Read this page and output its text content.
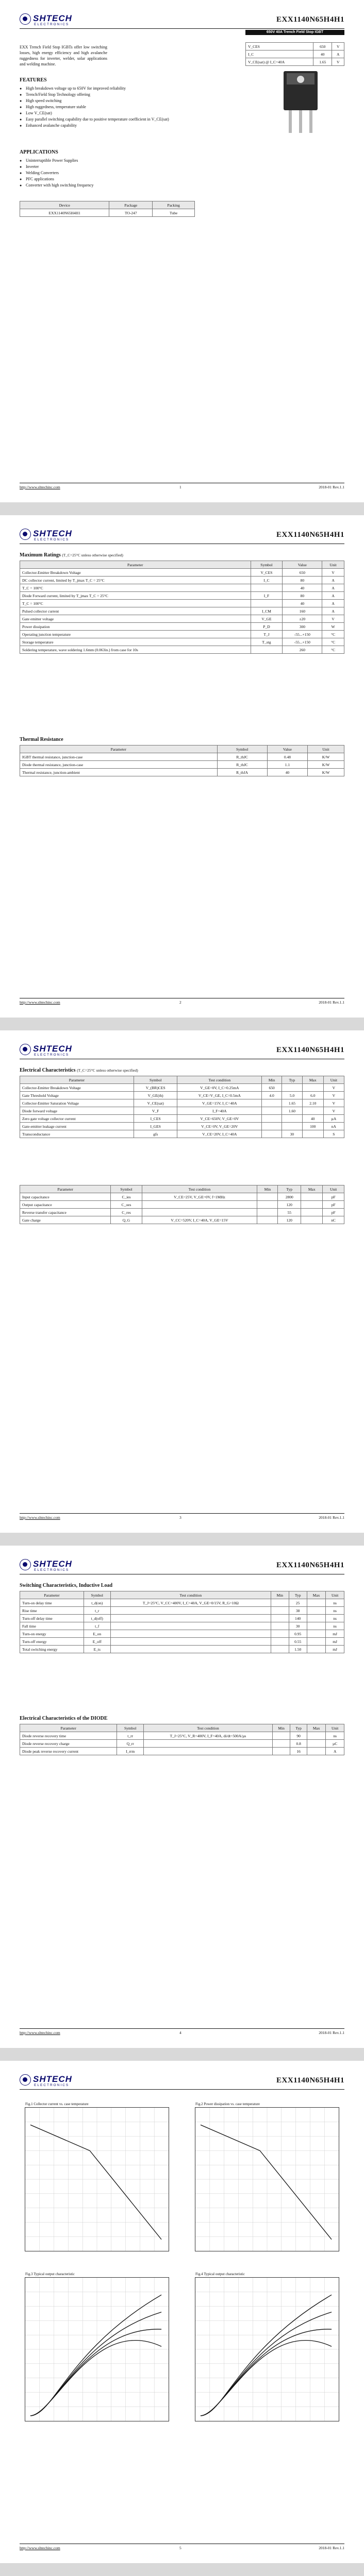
SHTECH
ELECTRONICS
EXX1140N65H4H1
650V 40A Trench Field Stop IGBT
V_CES	650	V
I_C	40	A
V_CE(sat) @ I_C=40A	1.65	V
EXX Trench Field Stop IGBTs offer low switching losses, high energy efficiency and high avalanche ruggedness for inverter, welder, solar applications and welding machine.
FEATURES
● High breakdown voltage up to 650V for improved reliability
● Trench/Field Stop Technology offering
● High speed switching
● High ruggedness, temperature stable
● Low V_CE(sat)
● Easy parallel switching capability due to positive temperature coefficient in V_CE(sat)
● Enhanced avalanche capability
APPLICATIONS
● Uninterruptible Power Supplies
● Inverter
● Welding Converters
● PFC applications
● Converter with high switching frequency
Device	Package	Packing
EXX1140N65H4H1	TO-247	Tube
http://www.shtechinc.com	1	2018-01 Rev.1.1
SHTECH
ELECTRONICS
EXX1140N65H4H1
Maximum Ratings (T_C=25°C unless otherwise specified)
Parameter	Symbol	Value	Unit
Collector-Emitter Breakdown Voltage	V_CES	650	V
DC collector current, limited by T_jmax T_C = 25°C	I_C	80	A
T_C = 100°C		40	A
Diode Forward current, limited by T_jmax T_C = 25°C	I_F	80	A
T_C = 100°C		40	A
Pulsed collector current	I_CM	160	A
Gate emitter voltage	V_GE	±20	V
Power dissipation	P_D	300	W
Operating junction temperature	T_J	-55...+150	°C
Storage temperature	T_stg	-55...+150	°C
Soldering temperature, wave soldering 1.6mm (0.063in.) from case for 10s		260	°C
Thermal Resistance
Parameter	Symbol	Value	Unit
IGBT thermal resistance, junction-case	R_thJC	0.48	K/W
Diode thermal resistance, junction-case	R_thJC	1.1	K/W
Thermal resistance, junction-ambient	R_thJA	40	K/W
http://www.shtechinc.com	2	2018-01 Rev.1.1
SHTECH
ELECTRONICS
EXX1140N65H4H1
Electrical Characteristics (T_C=25°C unless otherwise specified)
Parameter	Symbol	Test condition	Min	Typ	Max	Unit
Collector-Emitter Breakdown Voltage	V_(BR)CES	V_GE=0V, I_C=0.25mA	650			V
Gate Threshold Voltage	V_GE(th)	V_CE=V_GE, I_C=0.5mA	4.0	5.0	6.0	V
Collector-Emitter Saturation Voltage	V_CE(sat)	V_GE=15V, I_C=40A		1.65	2.10	V
Diode forward voltage	V_F	I_F=40A		1.60		V
Zero gate voltage collector current	I_CES	V_CE=650V, V_GE=0V			40	µA
Gate-emitter leakage current	I_GES	V_CE=0V, V_GE=20V			100	nA
Transconductance	gfs	V_CE=20V, I_C=40A		30		S
Parameter	Symbol	Test condition	Min	Typ	Max	Unit
Input capacitance	C_ies	V_CE=25V, V_GE=0V, f=1MHz		2800		pF
Output capacitance	C_oes			120		pF
Reverse transfer capacitance	C_res			55		pF
Gate charge	Q_G	V_CC=520V, I_C=40A, V_GE=15V		120		nC
http://www.shtechinc.com	3	2018-01 Rev.1.1
SHTECH
ELECTRONICS
EXX1140N65H4H1
Switching Characteristics, Inductive Load
Parameter	Symbol	Test condition	Min	Typ	Max	Unit
Turn-on delay time	t_d(on)	T_J=25°C, V_CC=400V, I_C=40A, V_GE=0/15V, R_G=10Ω		25		ns
Rise time	t_r			38		ns
Turn-off delay time	t_d(off)			140		ns
Fall time	t_f			30		ns
Turn-on energy	E_on			0.95		mJ
Turn-off energy	E_off			0.55		mJ
Total switching energy	E_ts			1.50		mJ
Electrical Characteristics of the DIODE
Parameter	Symbol	Test condition	Min	Typ	Max	Unit
Diode reverse recovery time	t_rr	T_J=25°C, V_R=400V, I_F=40A, di/dt=500A/µs		90		ns
Diode reverse recovery charge	Q_rr			0.8		µC
Diode peak reverse recovery current	I_rrm			16		A
http://www.shtechinc.com	4	2018-01 Rev.1.1
SHTECH
ELECTRONICS
EXX1140N65H4H1
Fig.1 Collector current vs. case temperature	Fig.2 Power dissipation vs. case temperature
Fig.3 Typical output characteristic	Fig.4 Typical output characteristic
http://www.shtechinc.com	5	2018-01 Rev.1.1
